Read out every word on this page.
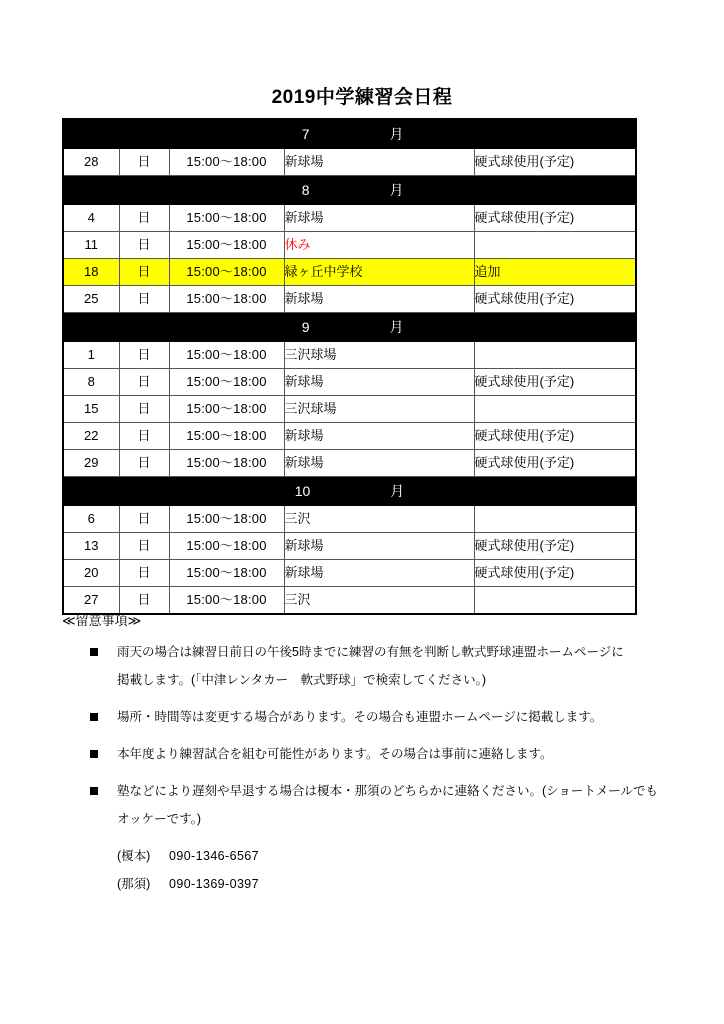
2019中学練習会日程
7 月				
28	日	15:00〜18:00	新球場	硬式球使用(予定)
8 月				
4	日	15:00〜18:00	新球場	硬式球使用(予定)
11	日	15:00〜18:00	休み	
18	日	15:00〜18:00	緑ヶ丘中学校	追加
25	日	15:00〜18:00	新球場	硬式球使用(予定)
9 月				
1	日	15:00〜18:00	三沢球場	
8	日	15:00〜18:00	新球場	硬式球使用(予定)
15	日	15:00〜18:00	三沢球場	
22	日	15:00〜18:00	新球場	硬式球使用(予定)
29	日	15:00〜18:00	新球場	硬式球使用(予定)
10 月				
6	日	15:00〜18:00	三沢	
13	日	15:00〜18:00	新球場	硬式球使用(予定)
20	日	15:00〜18:00	新球場	硬式球使用(予定)
27	日	15:00〜18:00	三沢	
≪留意事項≫
雨天の場合は練習日前日の午後5時までに練習の有無を判断し軟式野球連盟ホームページに
掲載します。(「中津レンタカー　軟式野球」で検索してください。)
場所・時間等は変更する場合があります。その場合も連盟ホームページに掲載します。
本年度より練習試合を組む可能性があります。その場合は事前に連絡します。
塾などにより遅刻や早退する場合は榎本・那須のどちらかに連絡ください。(ショートメールでも
オッケーです。)
(榎本) 090-1346-6567
(那須) 090-1369-0397
